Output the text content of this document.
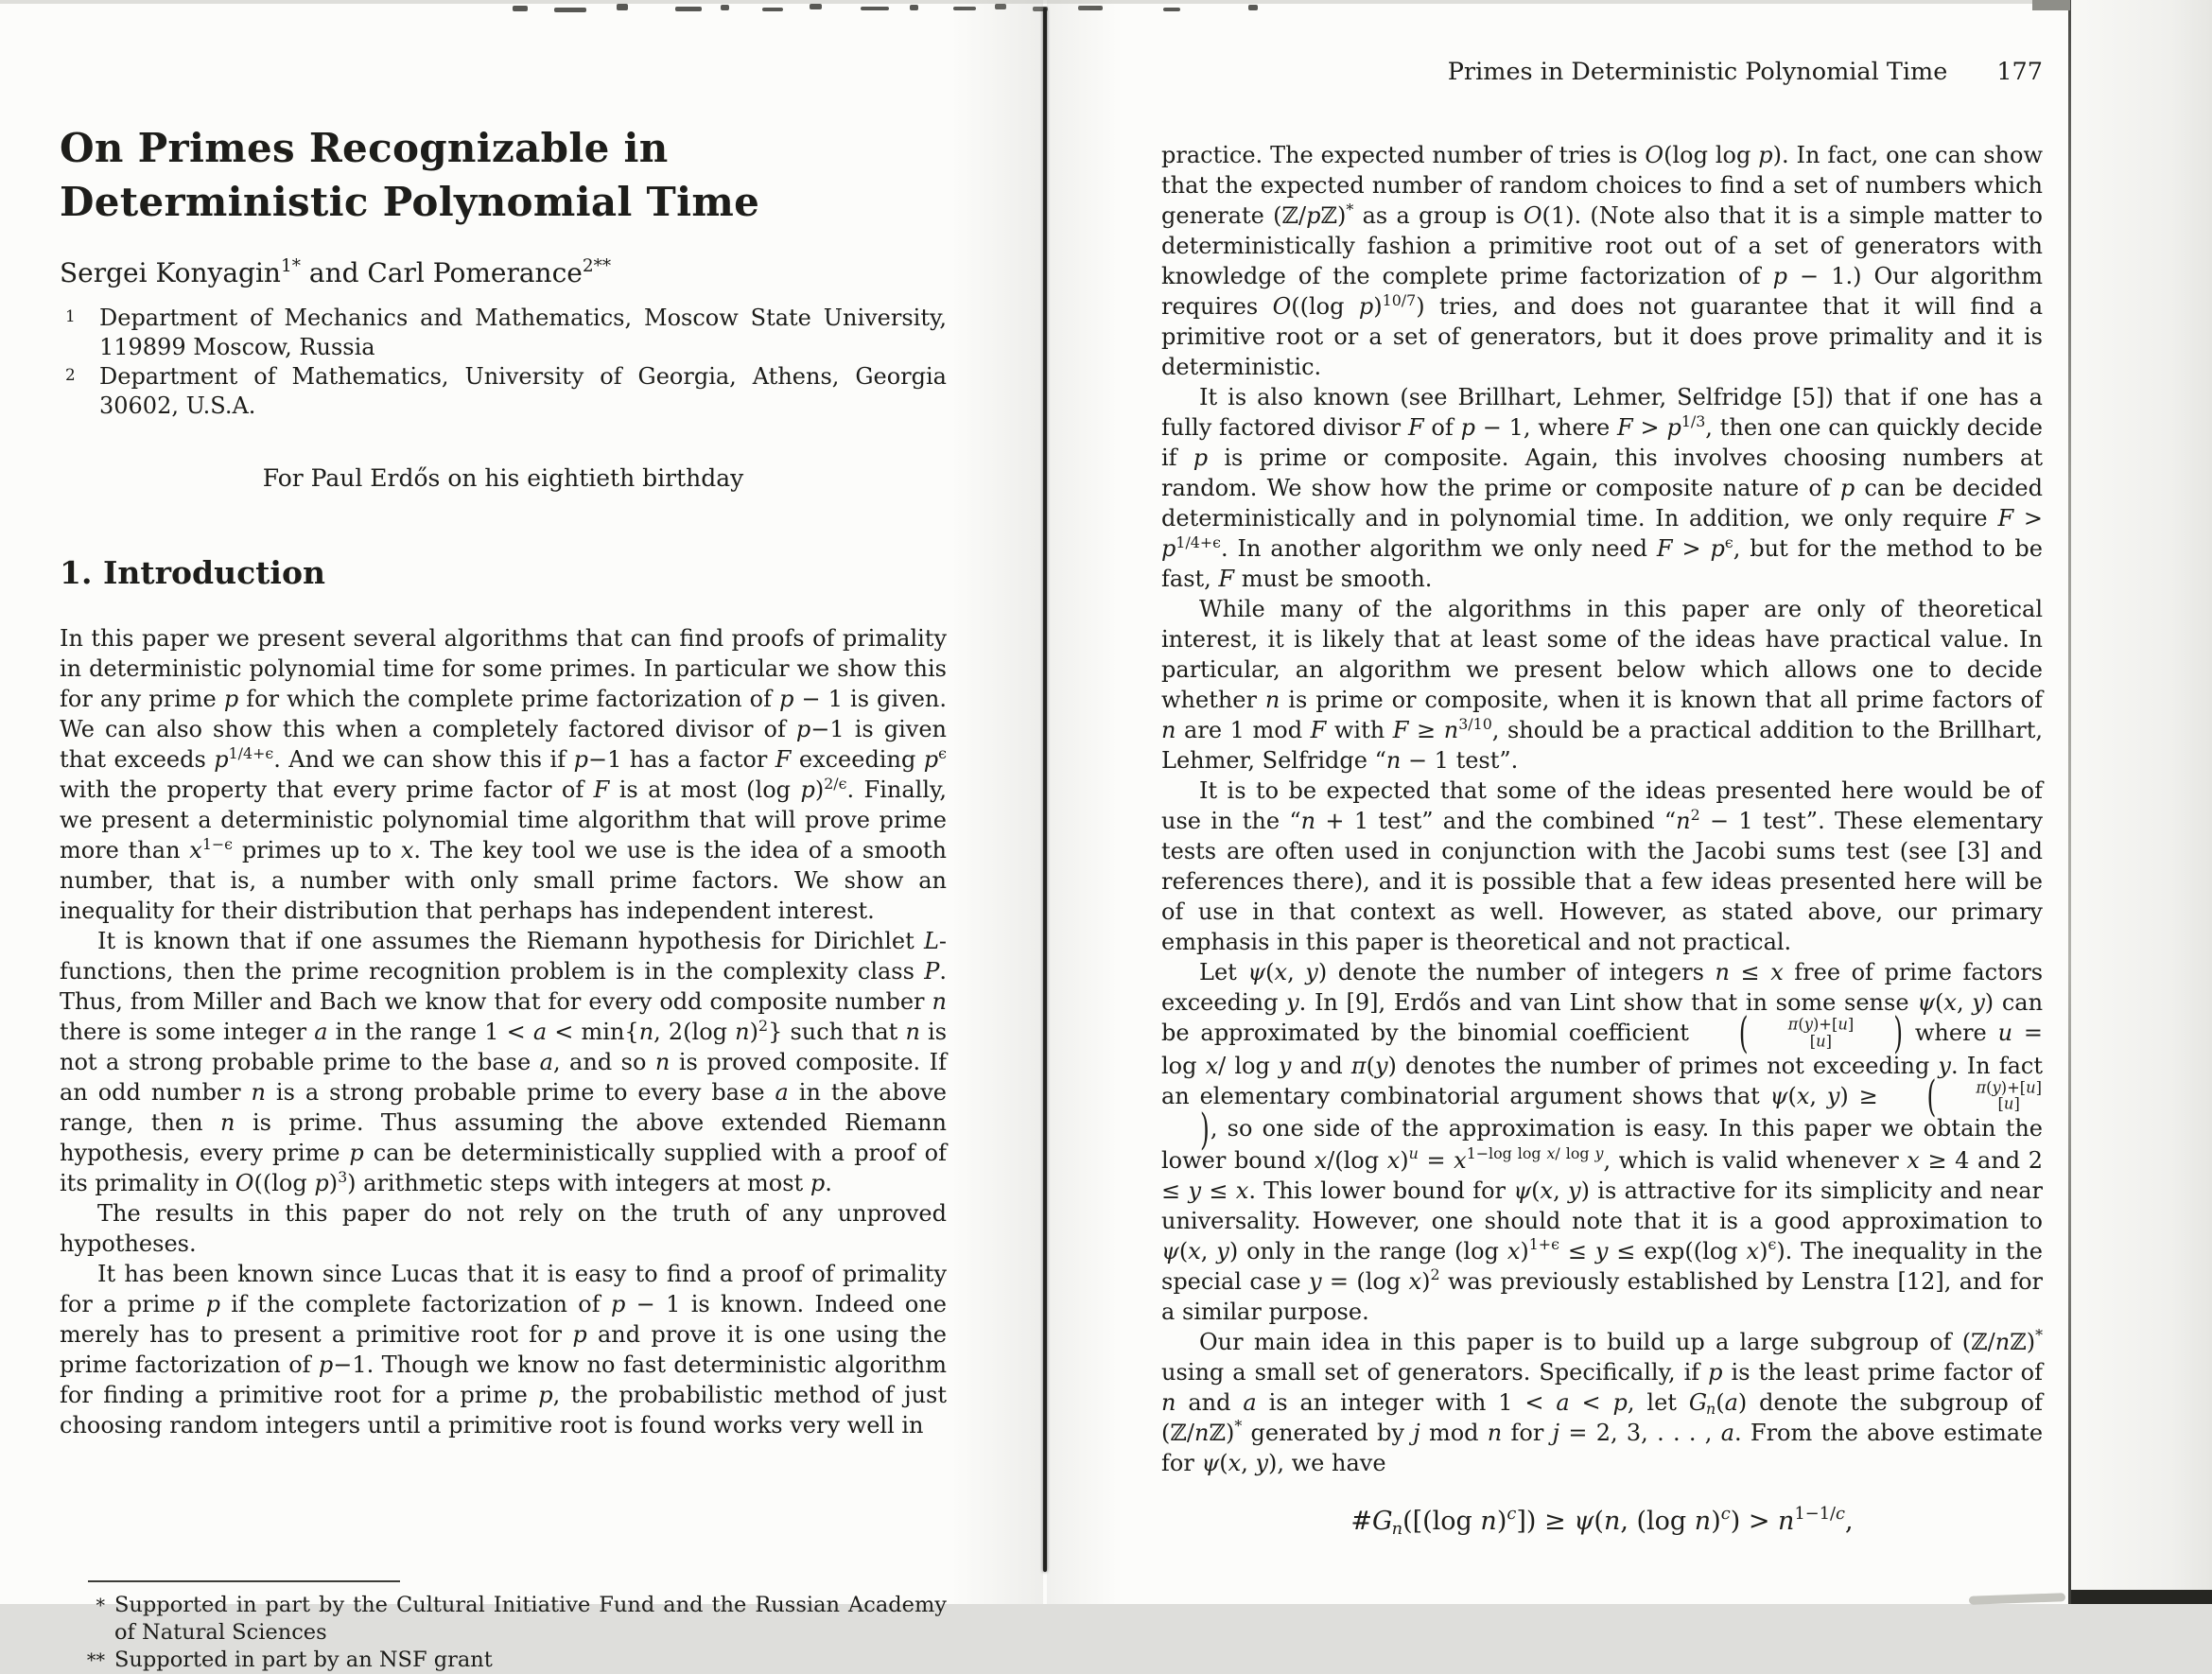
On Primes Recognizable in Deterministic Polynomial Time
Sergei Konyagin$^{1*}$ and Carl Pomerance$^{2**}$
1	Department of Mechanics and Mathematics, Moscow State University, 119899 Moscow, Russia
2	Department of Mathematics, University of Georgia, Athens, Georgia 30602, U.S.A.
For Paul Erdős on his eightieth birthday
1. Introduction

In this paper we present several algorithms that can find proofs of primality in deterministic polynomial time for some primes. In particular we show this for any prime p for which the complete prime factorization of p − 1 is given. We can also show this when a completely factored divisor of p−1 is given that exceeds $p^{1/4+\epsilon}$. And we can show this if p−1 has a factor F exceeding $p^\epsilon$ with the property that every prime factor of F is at most (log p)$^{2/\epsilon}$. Finally, we present a deterministic polynomial time algorithm that will prove prime more than $x^{1-\epsilon}$ primes up to x. The key tool we use is the idea of a smooth number, that is, a number with only small prime factors. We show an inequality for their distribution that perhaps has independent interest.

It is known that if one assumes the Riemann hypothesis for Dirichlet L-functions, then the prime recognition problem is in the complexity class P. Thus, from Miller and Bach we know that for every odd composite number n there is some integer a in the range 1 < a < min{n, 2(log n)$^2$} such that n is not a strong probable prime to the base a, and so n is proved composite. If an odd number n is a strong probable prime to every base a in the above range, then n is prime. Thus assuming the above extended Riemann hypothesis, every prime p can be deterministically supplied with a proof of its primality in O((log p)$^3$) arithmetic steps with integers at most p.

The results in this paper do not rely on the truth of any unproved hypotheses.

It has been known since Lucas that it is easy to find a proof of primality for a prime p if the complete factorization of p − 1 is known. Indeed one merely has to present a primitive root for p and prove it is one using the prime factorization of p−1. Though we know no fast deterministic algorithm for finding a primitive root for a prime p, the probabilistic method of just choosing random integers until a primitive root is found works very well in

* Supported in part by the Cultural Initiative Fund and the Russian Academy of Natural Sciences
** Supported in part by an NSF grant
Primes in Deterministic Polynomial Time 177

practice. The expected number of tries is O(log log p). In fact, one can show that the expected number of random choices to find a set of numbers which generate (ℤ/pℤ)* as a group is O(1). (Note also that it is a simple matter to deterministically fashion a primitive root out of a set of generators with knowledge of the complete prime factorization of p − 1.) Our algorithm requires O((log p)$^{10/7}$) tries, and does not guarantee that it will find a primitive root or a set of generators, but it does prove primality and it is deterministic.

It is also known (see Brillhart, Lehmer, Selfridge [5]) that if one has a fully factored divisor F of p − 1, where $F > p^{1/3}$, then one can quickly decide if p is prime or composite. Again, this involves choosing numbers at random. We show how the prime or composite nature of p can be decided deterministically and in polynomial time. In addition, we only require $F > p^{1/4+\epsilon}$. In another algorithm we only need $F > p^\epsilon$, but for the method to be fast, F must be smooth.

While many of the algorithms in this paper are only of theoretical interest, it is likely that at least some of the ideas have practical value. In particular, an algorithm we present below which allows one to decide whether n is prime or composite, when it is known that all prime factors of n are 1 mod F with $F \ge n^{3/10}$, should be a practical addition to the Brillhart, Lehmer, Selfridge “n − 1 test”.

It is to be expected that some of the ideas presented here would be of use in the “n + 1 test” and the combined “$n^2 - 1$ test”. These elementary tests are often used in conjunction with the Jacobi sums test (see [3] and references there), and it is possible that a few ideas presented here will be of use in that context as well. However, as stated above, our primary emphasis in this paper is theoretical and not practical.

Let ψ(x, y) denote the number of integers n ≤ x free of prime factors exceeding y. In [9], Erdős and van Lint show that in some sense ψ(x, y) can be approximated by the binomial coefficient (	π(y)+[u]
[u]	) where u = log x/ log y and π(y) denotes the number of primes not exceeding y. In fact an elementary combinatorial argument shows that ψ(x, y) ≥ (	π(y)+[u]
[u]
), so one side of the approximation is easy. In this paper we obtain the lower bound x/(log $x)^u = x^{1-log log x/ log y}$, which is valid whenever x ≥ 4 and 2 ≤ y ≤ x. This lower bound for ψ(x, y) is attractive for its simplicity and near universality. However, one should note that it is a good approximation to ψ(x, y) only in the range (log x)$^{1+\epsilon}$ ≤ y ≤ exp((log x)$^\epsilon$). The inequality in the special case y = (log x)$^2$ was previously established by Lenstra [12], and for a similar purpose.

Our main idea in this paper is to build up a large subgroup of (ℤ/nℤ)* using a small set of generators. Specifically, if p is the least prime factor of n and a is an integer with 1 < a < p, let $G_n(a)$ denote the subgroup of (ℤ/nℤ)* generated by j mod n for j = 2, 3, . . . , a. From the above estimate for ψ(x, y), we have

$\#G_n([(\log$ n)$^c$]) ≥ ψ(n, (log $n)^c) > n^{1-1/c}$,
